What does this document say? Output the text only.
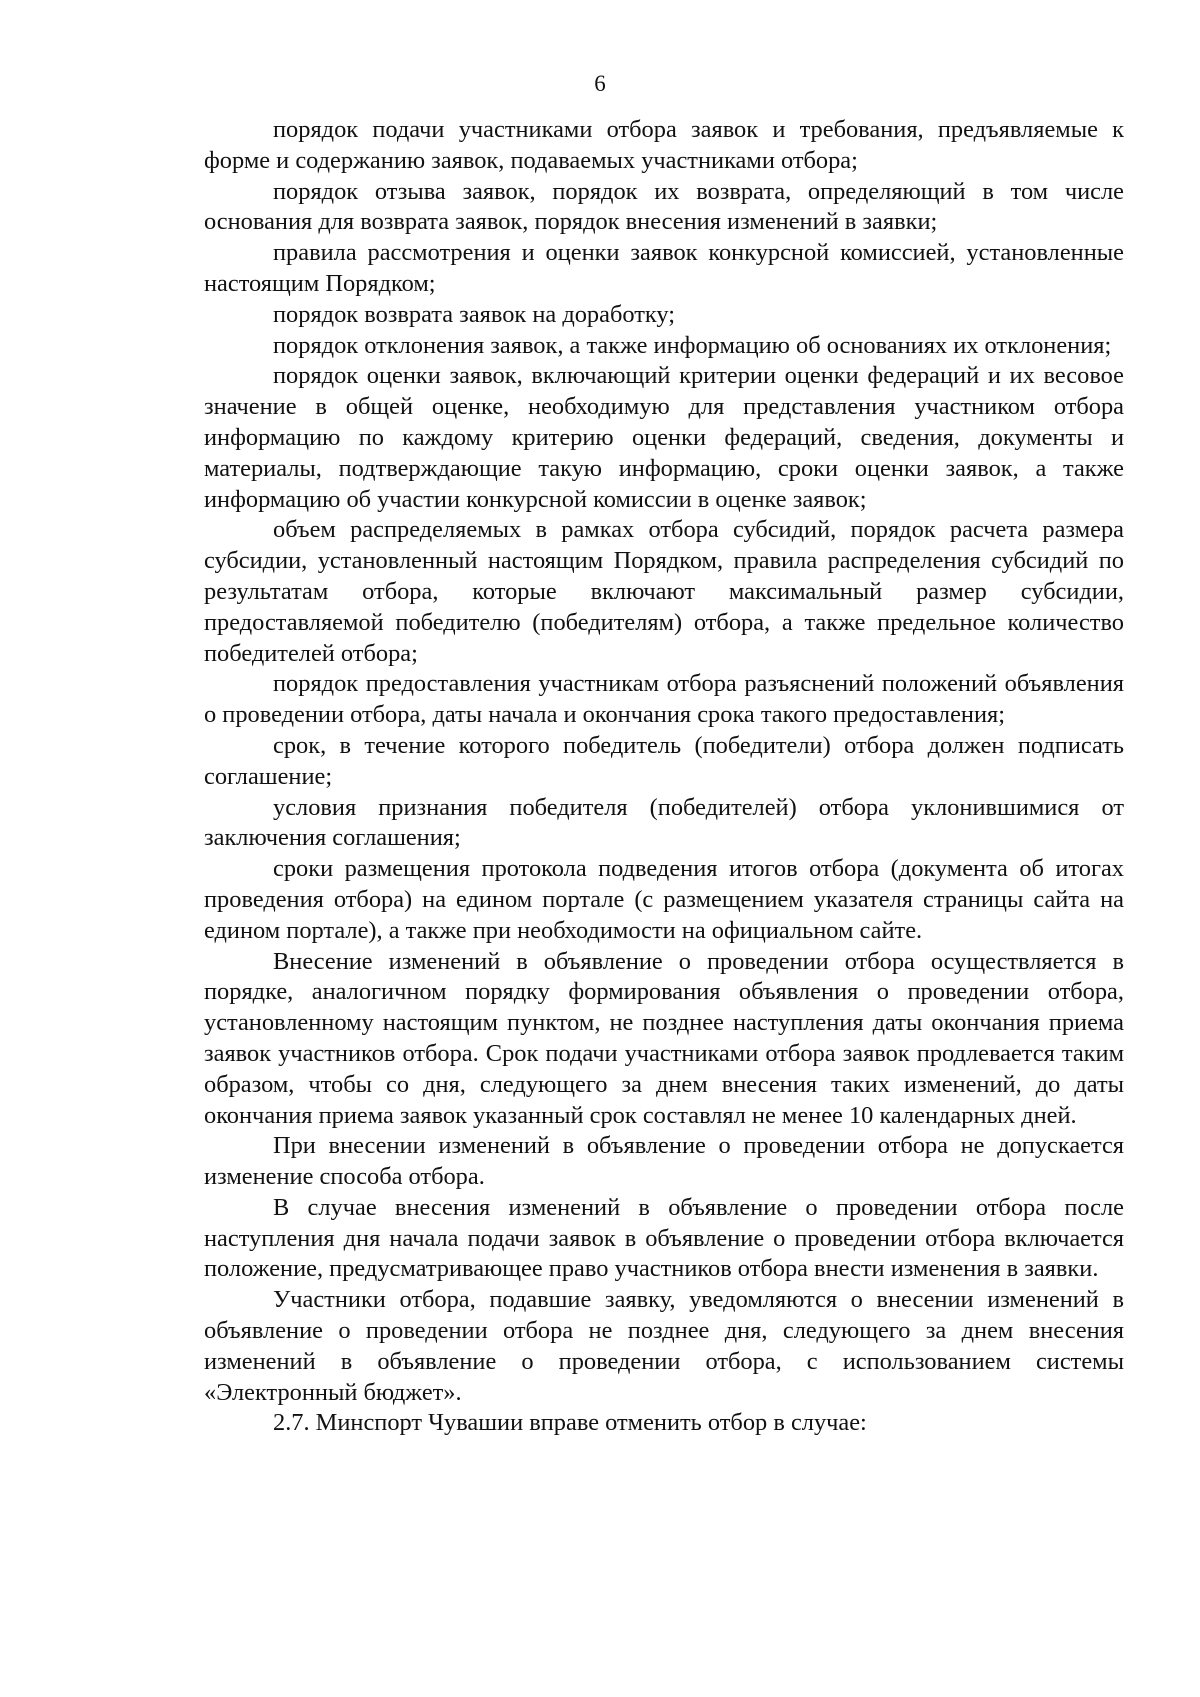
6

порядок подачи участниками отбора заявок и требования, предъявляемые к форме и содержанию заявок, подаваемых участниками отбора;

порядок отзыва заявок, порядок их возврата, определяющий в том числе основания для возврата заявок, порядок внесения изменений в заявки;

правила рассмотрения и оценки заявок конкурсной комиссией, установленные настоящим Порядком;

порядок возврата заявок на доработку;

порядок отклонения заявок, а также информацию об основаниях их отклонения;

порядок оценки заявок, включающий критерии оценки федераций и их весовое значение в общей оценке, необходимую для представления участником отбора информацию по каждому критерию оценки федераций, сведения, документы и материалы, подтверждающие такую информацию, сроки оценки заявок, а также информацию об участии конкурсной комиссии в оценке заявок;

объем распределяемых в рамках отбора субсидий, порядок расчета размера субсидии, установленный настоящим Порядком, правила распределения субсидий по результатам отбора, которые включают максимальный размер субсидии, предоставляемой победителю (победителям) отбора, а также предельное количество победителей отбора;

порядок предоставления участникам отбора разъяснений положений объявления о проведении отбора, даты начала и окончания срока такого предоставления;

срок, в течение которого победитель (победители) отбора должен подписать соглашение;

условия признания победителя (победителей) отбора уклонившимися от заключения соглашения;

сроки размещения протокола подведения итогов отбора (документа об итогах проведения отбора) на едином портале (с размещением указателя страницы сайта на едином портале), а также при необходимости на официальном сайте.

Внесение изменений в объявление о проведении отбора осуществляется в порядке, аналогичном порядку формирования объявления о проведении отбора, установленному настоящим пунктом, не позднее наступления даты окончания приема заявок участников отбора. Срок подачи участниками отбора заявок продлевается таким образом, чтобы со дня, следующего за днем внесения таких изменений, до даты окончания приема заявок указанный срок составлял не менее 10 календарных дней.

При внесении изменений в объявление о проведении отбора не допускается изменение способа отбора.

В случае внесения изменений в объявление о проведении отбора после наступления дня начала подачи заявок в объявление о проведении отбора включается положение, предусматривающее право участников отбора внести изменения в заявки.

Участники отбора, подавшие заявку, уведомляются о внесении изменений в объявление о проведении отбора не позднее дня, следующего за днем внесения изменений в объявление о проведении отбора, с использованием системы «Электронный бюджет».

2.7. Минспорт Чувашии вправе отменить отбор в случае:
